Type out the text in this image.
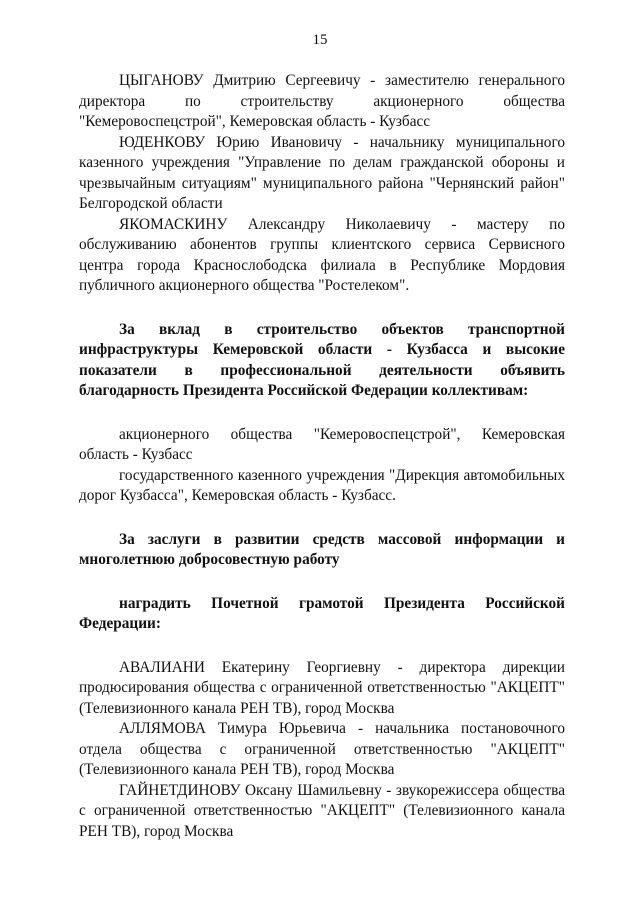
15

ЦЫГАНОВУ Дмитрию Сергеевичу - заместителю генерального директора по строительству акционерного общества "Кемеровоспецстрой", Кемеровская область - Кузбасс

ЮДЕНКОВУ Юрию Ивановичу - начальнику муниципального казенного учреждения "Управление по делам гражданской обороны и чрезвычайным ситуациям" муниципального района "Чернянский район" Белгородской области

ЯКОМАСКИНУ Александру Николаевичу - мастеру по обслуживанию абонентов группы клиентского сервиса Сервисного центра города Краснослободска филиала в Республике Мордовия публичного акционерного общества "Ростелеком".

За вклад в строительство объектов транспортной инфраструктуры Кемеровской области - Кузбасса и высокие показатели в профессиональной деятельности объявить благодарность Президента Российской Федерации коллективам:

акционерного общества "Кемеровоспецстрой", Кемеровская область - Кузбасс

государственного казенного учреждения "Дирекция автомобильных дорог Кузбасса", Кемеровская область - Кузбасс.

За заслуги в развитии средств массовой информации и многолетнюю добросовестную работу

наградить Почетной грамотой Президента Российской Федерации:

АВАЛИАНИ Екатерину Георгиевну - директора дирекции продюсирования общества с ограниченной ответственностью "АКЦЕПТ" (Телевизионного канала РЕН ТВ), город Москва

АЛЛЯМОВА Тимура Юрьевича - начальника постановочного отдела общества с ограниченной ответственностью "АКЦЕПТ" (Телевизионного канала РЕН ТВ), город Москва

ГАЙНЕТДИНОВУ Оксану Шамильевну - звукорежиссера общества с ограниченной ответственностью "АКЦЕПТ" (Телевизионного канала РЕН ТВ), город Москва
